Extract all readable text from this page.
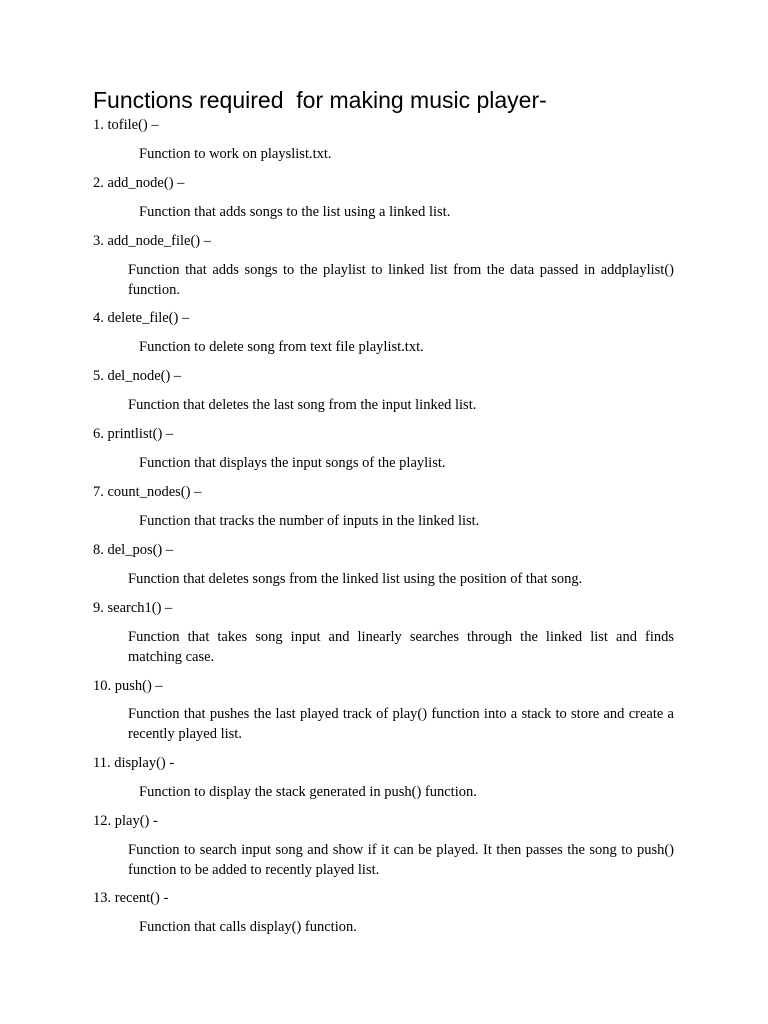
Functions required  for making music player-

1. tofile() –

Function to work on playslist.txt.

2. add_node() –

Function that adds songs to the list using a linked list.

3. add_node_file() –

Function that adds songs to the playlist to linked list from the data passed in addplaylist() function.

4. delete_file() –

Function to delete song from text file playlist.txt.

5. del_node() –

Function that deletes the last song from the input linked list.

6. printlist() –

Function that displays the input songs of the playlist.

7. count_nodes() –

Function that tracks the number of inputs in the linked list.

8. del_pos() –

Function that deletes songs from the linked list using the position of that song.

9. search1() –

Function that takes song input and linearly searches through the linked list and finds matching case.

10. push() –

Function that pushes the last played track of play() function into a stack to store and create a recently played list.

11. display() -

Function to display the stack generated in push() function.

12. play() -

Function to search input song and show if it can be played. It then passes the song to push() function to be added to recently played list.

13. recent() -

Function that calls display() function.
